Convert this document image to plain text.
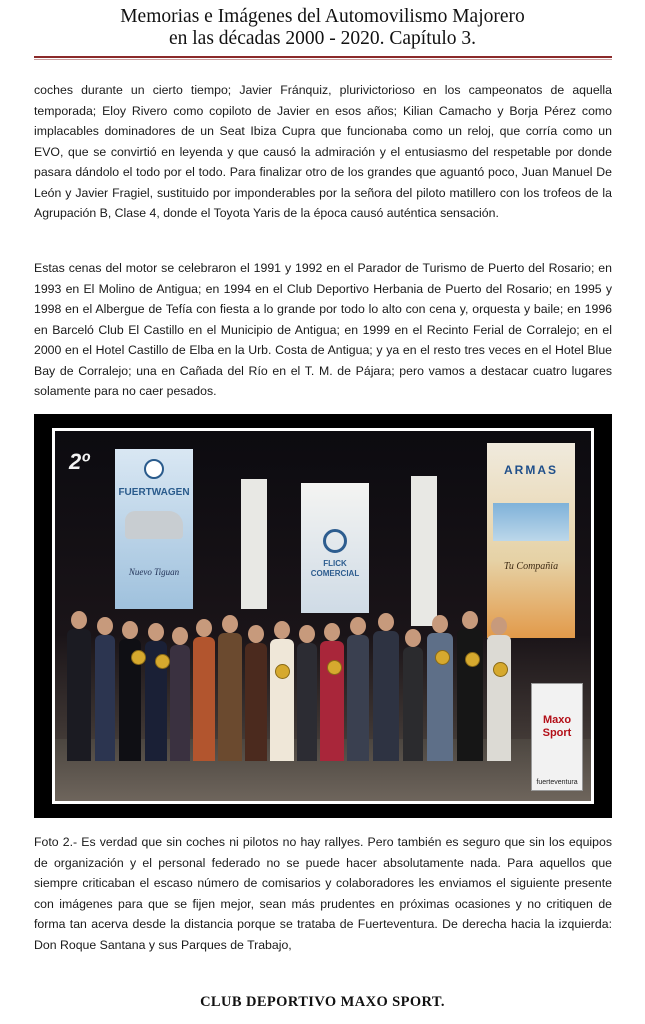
Memorias e Imágenes del Automovilismo Majorero
en las décadas 2000 - 2020. Capítulo 3.

coches durante un cierto tiempo; Javier Fránquiz, plurivictorioso en los campeonatos de aquella temporada; Eloy Rivero como copiloto de Javier en esos años; Kilian Camacho y Borja Pérez como implacables dominadores de un Seat Ibiza Cupra que funcionaba como un reloj, que corría como un EVO, que se convirtió en leyenda y que causó la admiración y el entusiasmo del respetable por donde pasara dándolo el todo por el todo. Para finalizar otro de los grandes que aguantó poco, Juan Manuel De León y Javier Fragiel, sustituido por imponderables por la señora del piloto matillero con los trofeos de la Agrupación B, Clase 4, donde el Toyota Yaris de la época causó auténtica sensación.

Estas cenas del motor se celebraron el 1991 y 1992 en el Parador de Turismo de Puerto del Rosario; en 1993 en El Molino de Antigua; en 1994 en el Club Deportivo Herbania de Puerto del Rosario; en 1995 y 1998 en el Albergue de Tefía con fiesta a lo grande por todo lo alto con cena y, orquesta y baile; en 1996 en Barceló Club El Castillo en el Municipio de Antigua; en 1999 en el Recinto Ferial de Corralejo; en el 2000 en el Hotel Castillo de Elba en la Urb. Costa de Antigua; y ya en el resto tres veces en el Hotel Blue Bay de Corralejo; una en Cañada del Río en el T. M. de Pájara; pero vamos a destacar cuatro lugares solamente para no caer pesados.

2º
FUERTWAGEN
Nuevo Tiguan
FLICK COMERCIAL
ARMAS
Tu Compañía
Maxo Sport
fuerteventura

Foto 2.- Es verdad que sin coches ni pilotos no hay rallyes. Pero también es seguro que sin los equipos de organización y el personal federado no se puede hacer absolutamente nada. Para aquellos que siempre criticaban el escaso número de comisarios y colaboradores les enviamos el siguiente presente con imágenes para que se fijen mejor, sean más prudentes en próximas ocasiones y no critiquen de forma tan acerva desde la distancia porque se trataba de Fuerteventura. De derecha hacia la izquierda: Don Roque Santana y sus Parques de Trabajo,

CLUB DEPORTIVO MAXO SPORT.
